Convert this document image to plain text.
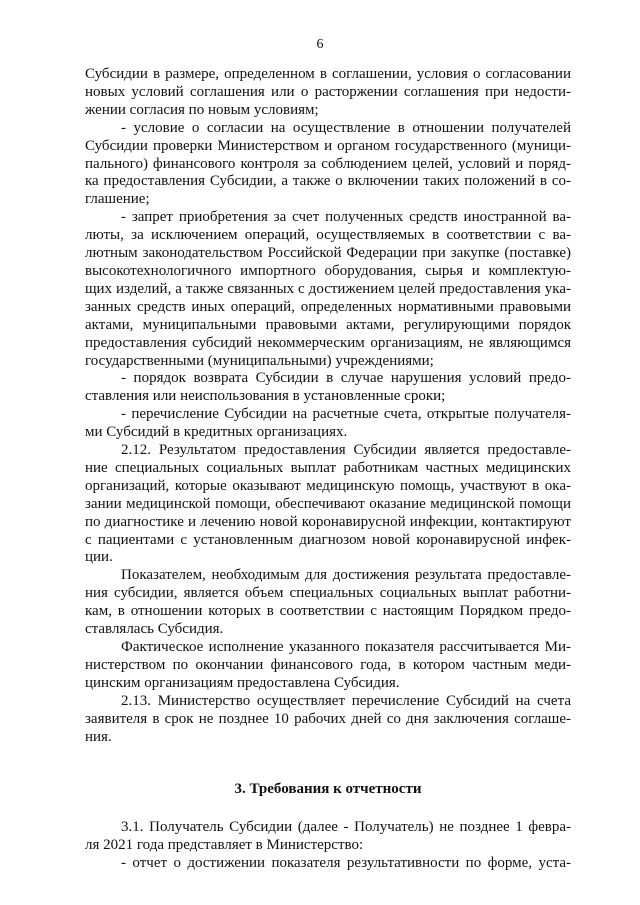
6
Субсидии в размере, определенном в соглашении, условия о согласовании
новых условий соглашения или о расторжении соглашения при недости-
жении согласия по новым условиям;
- условие о согласии на осуществление в отношении получателей
Субсидии проверки Министерством и органом государственного (муници-
пального) финансового контроля за соблюдением целей, условий и поряд-
ка предоставления Субсидии, а также о включении таких положений в со-
глашение;
- запрет приобретения за счет полученных средств иностранной ва-
люты, за исключением операций, осуществляемых в соответствии с ва-
лютным законодательством Российской Федерации при закупке (поставке)
высокотехнологичного импортного оборудования, сырья и комплектую-
щих изделий, а также связанных с достижением целей предоставления ука-
занных средств иных операций, определенных нормативными правовыми
актами, муниципальными правовыми актами, регулирующими порядок
предоставления субсидий некоммерческим организациям, не являющимся
государственными (муниципальными) учреждениями;
- порядок возврата Субсидии в случае нарушения условий предо-
ставления или неиспользования в установленные сроки;
- перечисление Субсидии на расчетные счета, открытые получателя-
ми Субсидий в кредитных организациях.
2.12. Результатом предоставления Субсидии является предоставле-
ние специальных социальных выплат работникам частных медицинских
организаций, которые оказывают медицинскую помощь, участвуют в ока-
зании медицинской помощи, обеспечивают оказание медицинской помощи
по диагностике и лечению новой коронавирусной инфекции, контактируют
с пациентами с установленным диагнозом новой коронавирусной инфек-
ции.
Показателем, необходимым для достижения результата предоставле-
ния субсидии, является объем специальных социальных выплат работни-
кам, в отношении которых в соответствии с настоящим Порядком предо-
ставлялась Субсидия.
Фактическое исполнение указанного показателя рассчитывается Ми-
нистерством по окончании финансового года, в котором частным меди-
цинским организациям предоставлена Субсидия.
2.13. Министерство осуществляет перечисление Субсидий на счета
заявителя в срок не позднее 10 рабочих дней со дня заключения соглаше-
ния.
3. Требования к отчетности
3.1. Получатель Субсидии (далее - Получатель) не позднее 1 февра-
ля 2021 года представляет в Министерство:
- отчет о достижении показателя результативности по форме, уста-
